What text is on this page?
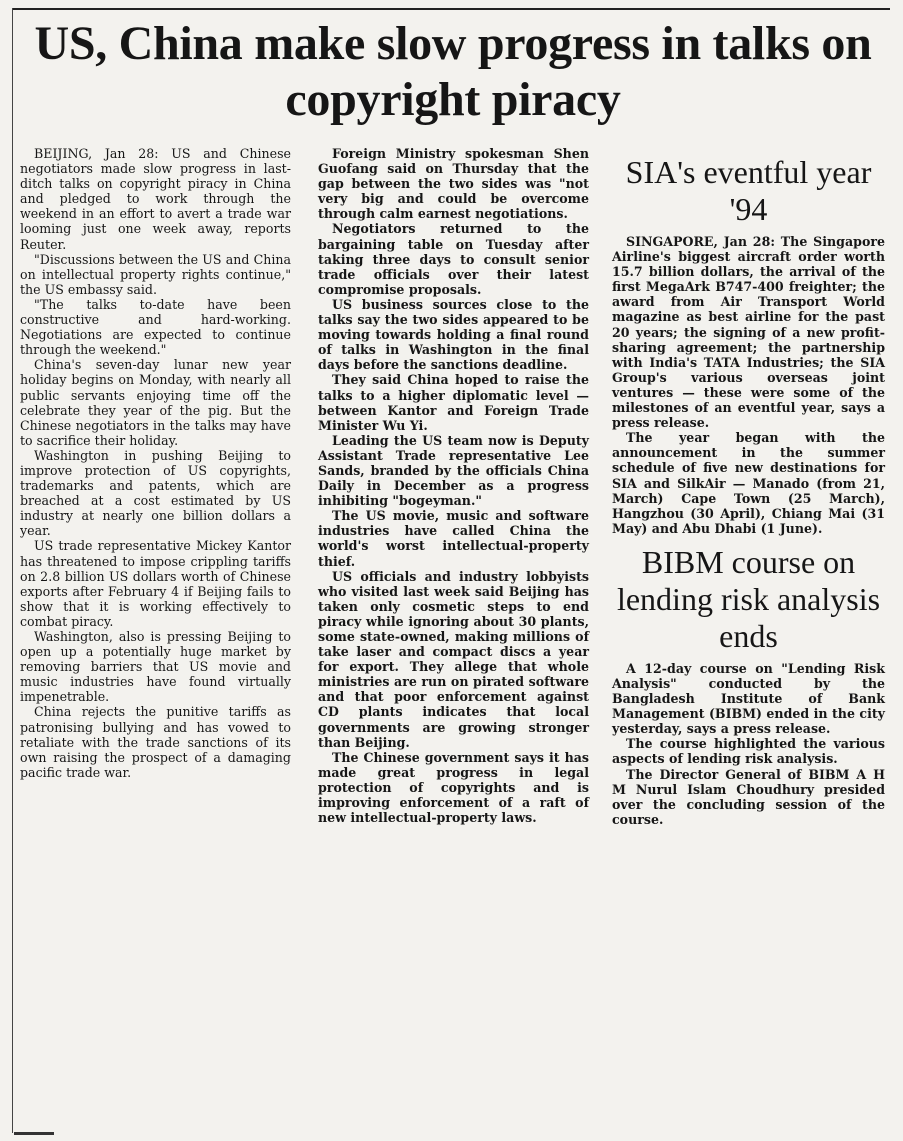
US, China make slow progress in talks on copyright piracy

BEIJING, Jan 28: US and Chinese negotiators made slow progress in last-ditch talks on copyright piracy in China and pledged to work through the weekend in an effort to avert a trade war looming just one week away, reports Reuter.

"Discussions between the US and China on intellectual property rights continue," the US embassy said.

"The talks to-date have been constructive and hard-working. Negotiations are expected to continue through the weekend."

China's seven-day lunar new year holiday begins on Monday, with nearly all public servants enjoying time off the celebrate they year of the pig. But the Chinese negotiators in the talks may have to sacrifice their holiday.

Washington in pushing Beijing to improve protection of US copyrights, trademarks and patents, which are breached at a cost estimated by US industry at nearly one billion dollars a year.

US trade representative Mickey Kantor has threatened to impose crippling tariffs on 2.8 billion US dollars worth of Chinese exports after February 4 if Beijing fails to show that it is working effectively to combat piracy.

Washington, also is pressing Beijing to open up a potentially huge market by removing barriers that US movie and music industries have found virtually impenetrable.

China rejects the punitive tariffs as patronising bullying and has vowed to retaliate with the trade sanctions of its own raising the prospect of a damaging pacific trade war.

Foreign Ministry spokesman Shen Guofang said on Thursday that the gap between the two sides was "not very big and could be overcome through calm earnest negotiations.

Negotiators returned to the bargaining table on Tuesday after taking three days to consult senior trade officials over their latest compromise proposals.

US business sources close to the talks say the two sides appeared to be moving towards holding a final round of talks in Washington in the final days before the sanctions deadline.

They said China hoped to raise the talks to a higher diplomatic level — between Kantor and Foreign Trade Minister Wu Yi.

Leading the US team now is Deputy Assistant Trade representative Lee Sands, branded by the officials China Daily in December as a progress inhibiting "bogeyman."

The US movie, music and software industries have called China the world's worst intellectual-property thief.

US officials and industry lobbyists who visited last week said Beijing has taken only cosmetic steps to end piracy while ignoring about 30 plants, some state-owned, making millions of take laser and compact discs a year for export. They allege that whole ministries are run on pirated software and that poor enforcement against CD plants indicates that local governments are growing stronger than Beijing.

The Chinese government says it has made great progress in legal protection of copyrights and is improving enforcement of a raft of new intellectual-property laws.

SIA's eventful year '94

SINGAPORE, Jan 28: The Singapore Airline's biggest aircraft order worth 15.7 billion dollars, the arrival of the first MegaArk B747-400 freighter; the award from Air Transport World magazine as best airline for the past 20 years; the signing of a new profit-sharing agreement; the partnership with India's TATA Industries; the SIA Group's various overseas joint ventures — these were some of the milestones of an eventful year, says a press release.

The year began with the announcement in the summer schedule of five new destinations for SIA and SilkAir — Manado (from 21, March) Cape Town (25 March), Hangzhou (30 April), Chiang Mai (31 May) and Abu Dhabi (1 June).

BIBM course on lending risk analysis ends

A 12-day course on "Lending Risk Analysis" conducted by the Bangladesh Institute of Bank Management (BIBM) ended in the city yesterday, says a press release.

The course highlighted the various aspects of lending risk analysis.

The Director General of BIBM A H M Nurul Islam Choudhury presided over the concluding session of the course.
